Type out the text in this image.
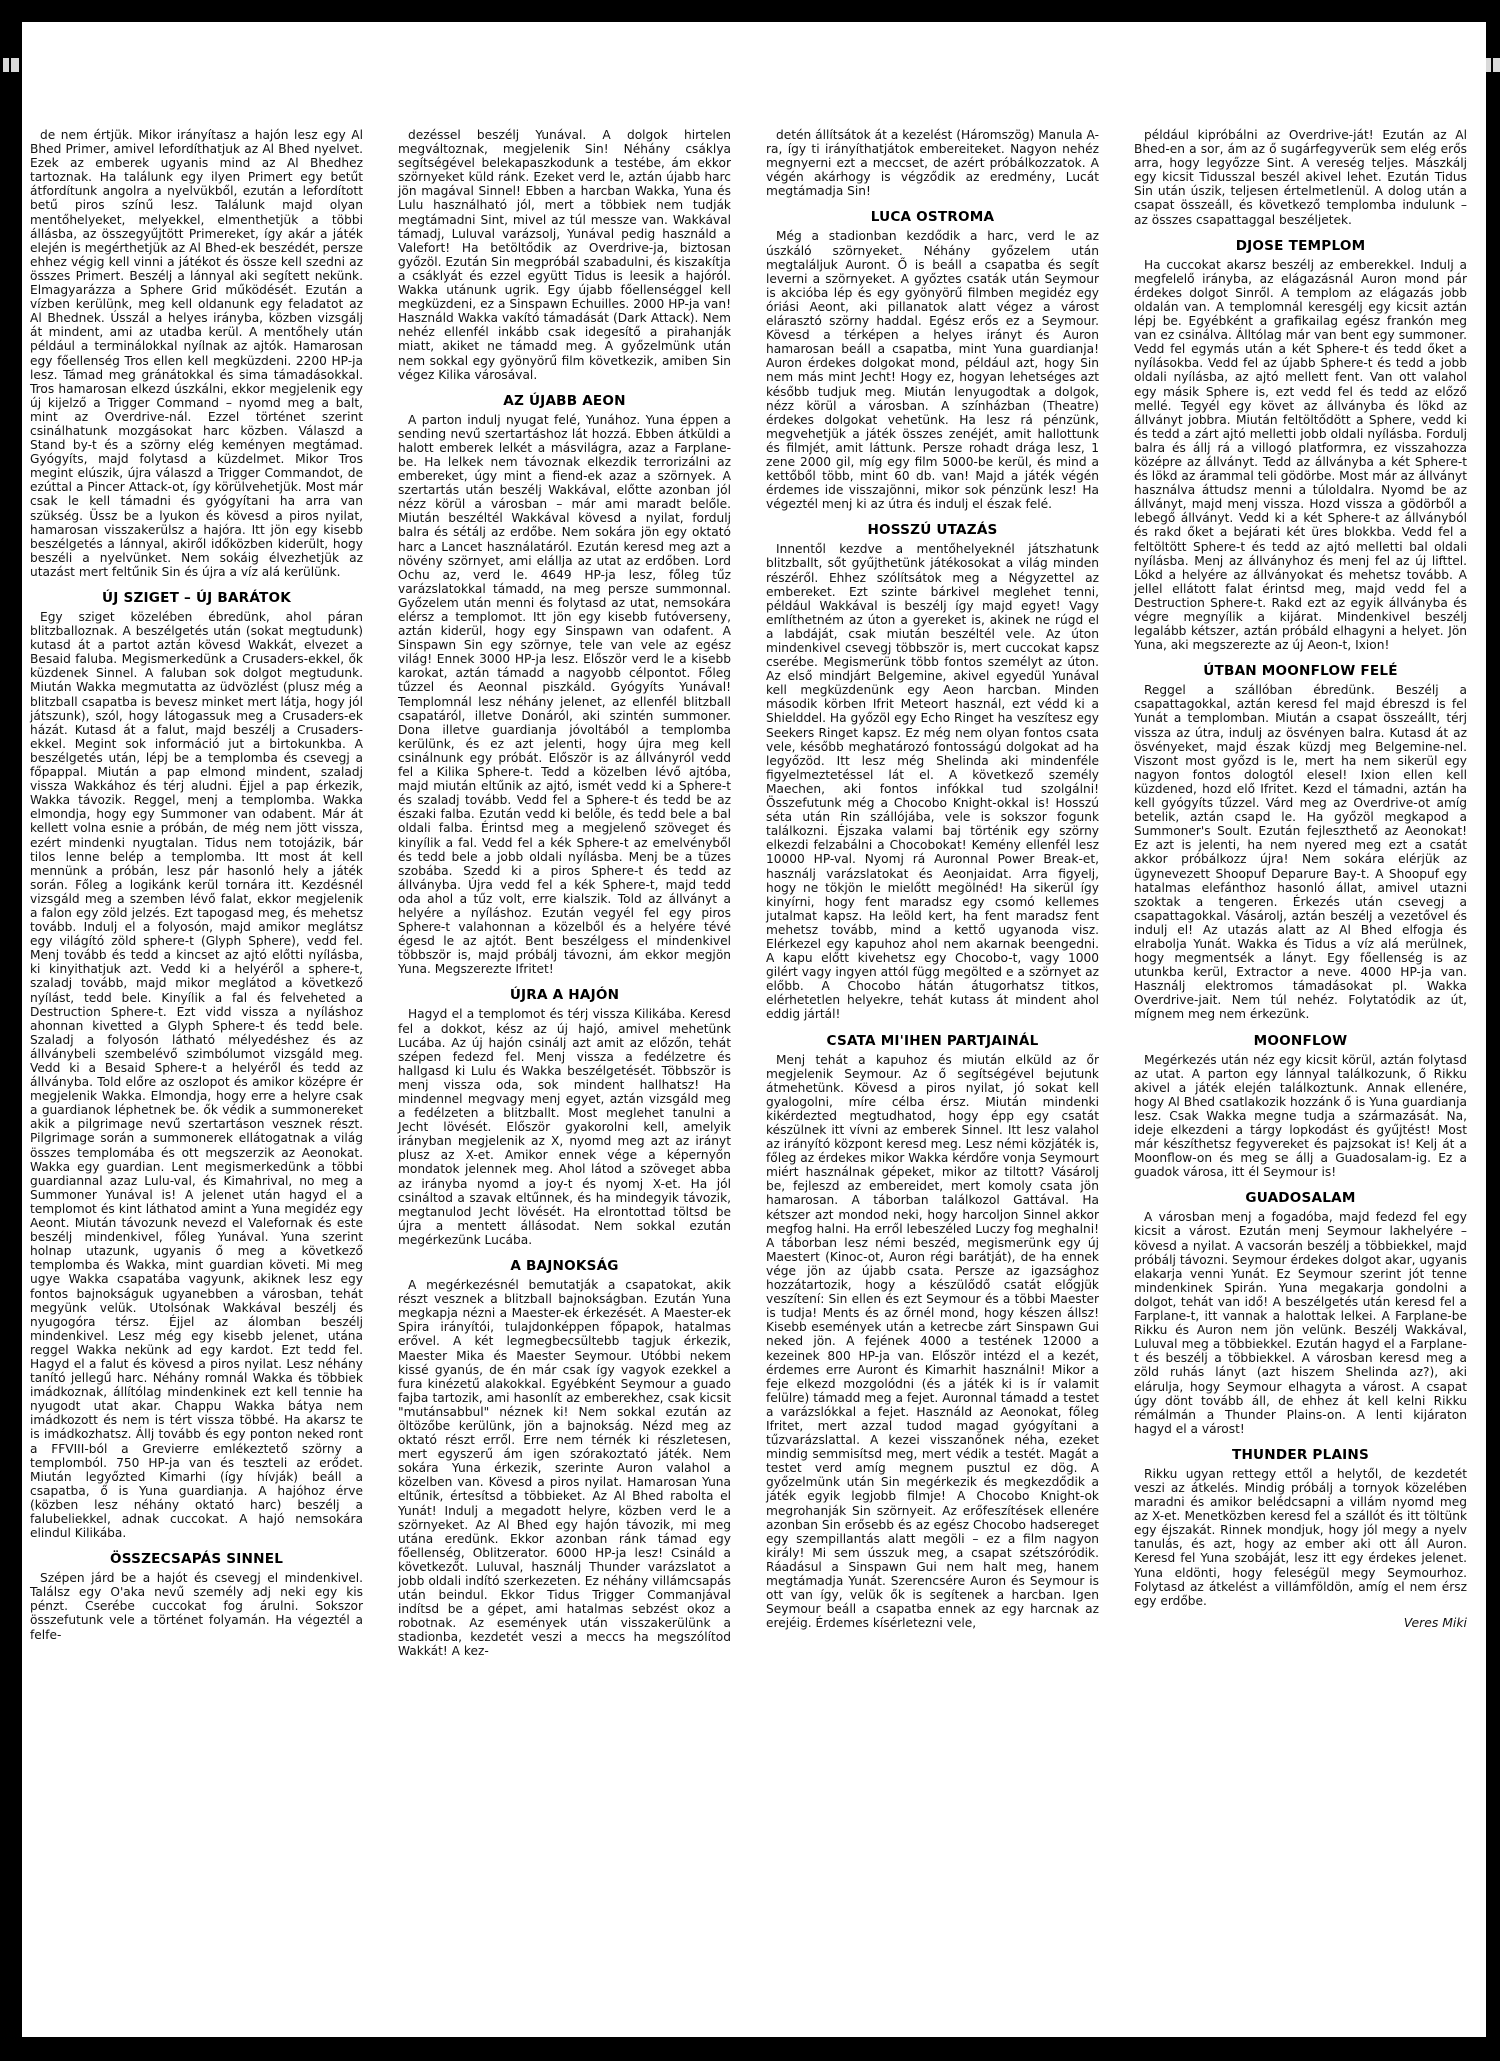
de nem értjük. Mikor irányítasz a hajón lesz egy Al Bhed Primer, amivel lefordíthatjuk az Al Bhed nyelvet. Ezek az emberek ugyanis mind az Al Bhedhez tartoznak. Ha találunk egy ilyen Primert egy betűt átfordítunk angolra a nyelvükből, ezután a lefordított betű piros színű lesz. Találunk majd olyan mentőhelyeket, melyekkel, elmenthetjük a többi állásba, az összegyűjtött Primereket, így akár a játék elején is megérthetjük az Al Bhed-ek beszédét, persze ehhez végig kell vinni a játékot és össze kell szedni az összes Primert. Beszélj a lánnyal aki segített nekünk. Elmagyarázza a Sphere Grid működését. Ezután a vízben kerülünk, meg kell oldanunk egy feladatot az Al Bhednek. Ússzál a helyes irányba, közben vizsgálj át mindent, ami az utadba kerül. A mentőhely után például a terminálokkal nyílnak az ajtók. Hamarosan egy főellenség Tros ellen kell megküzdeni. 2200 HP-ja lesz. Támad meg gránátokkal és sima támadásokkal. Tros hamarosan elkezd úszkálni, ekkor megjelenik egy új kijelző a Trigger Command – nyomd meg a balt, mint az Overdrive-nál. Ezzel történet szerint csinálhatunk mozgásokat harc közben. Válaszd a Stand by-t és a szörny elég keményen megtámad. Gyógyíts, majd folytasd a küzdelmet. Mikor Tros megint elúszik, újra válaszd a Trigger Commandot, de ezúttal a Pincer Attack-ot, így körülvehetjük. Most már csak le kell támadni és gyógyítani ha arra van szükség. Üssz be a lyukon és kövesd a piros nyilat, hamarosan visszakerülsz a hajóra. Itt jön egy kisebb beszélgetés a lánnyal, akiről időközben kiderült, hogy beszéli a nyelvünket. Nem sokáig élvezhetjük az utazást mert feltűnik Sin és újra a víz alá kerülünk.

ÚJ SZIGET – ÚJ BARÁTOK

Egy sziget közelében ébredünk, ahol páran blitzballoznak. A beszélgetés után (sokat megtudunk) kutasd át a partot aztán kövesd Wakkát, elvezet a Besaid faluba. Megismerkedünk a Crusaders-ekkel, ők küzdenek Sinnel. A faluban sok dolgot megtudunk. Miután Wakka megmutatta az üdvözlést (plusz még a blitzball csapatba is bevesz minket mert látja, hogy jól játszunk), szól, hogy látogassuk meg a Crusaders-ek házát. Kutasd át a falut, majd beszélj a Crusaders-ekkel. Megint sok információ jut a birtokunkba. A beszélgetés után, lépj be a templomba és csevegj a főpappal. Miután a pap elmond mindent, szaladj vissza Wakkához és térj aludni. Éjjel a pap érkezik, Wakka távozik. Reggel, menj a templomba. Wakka elmondja, hogy egy Summoner van odabent. Már át kellett volna esnie a próbán, de még nem jött vissza, ezért mindenki nyugtalan. Tidus nem totojázik, bár tilos lenne belép a templomba. Itt most át kell mennünk a próbán, lesz pár hasonló hely a játék során. Főleg a logikánk kerül tornára itt. Kezdésnél vizsgáld meg a szemben lévő falat, ekkor megjelenik a falon egy zöld jelzés. Ezt tapogasd meg, és mehetsz tovább. Indulj el a folyosón, majd amikor meglátsz egy világító zöld sphere-t (Glyph Sphere), vedd fel. Menj tovább és tedd a kincset az ajtó előtti nyílásba, ki kinyithatjuk azt. Vedd ki a helyéről a sphere-t, szaladj tovább, majd mikor meglátod a következő nyílást, tedd bele. Kinyílik a fal és felveheted a Destruction Sphere-t. Ezt vidd vissza a nyíláshoz ahonnan kivetted a Glyph Sphere-t és tedd bele. Szaladj a folyosón látható mélyedéshez és az állványbeli szembelévő szimbólumot vizsgáld meg. Vedd ki a Besaid Sphere-t a helyéről és tedd az állványba. Told előre az oszlopot és amikor középre ér megjelenik Wakka. Elmondja, hogy erre a helyre csak a guardianok léphetnek be. ők védik a summonereket akik a pilgrimage nevű szertartáson vesznek részt. Pilgrimage során a summonerek ellátogatnak a világ összes templomába és ott megszerzik az Aeonokat. Wakka egy guardian. Lent megismerkedünk a többi guardiannal azaz Lulu-val, és Kimahrival, no meg a Summoner Yunával is! A jelenet után hagyd el a templomot és kint láthatod amint a Yuna megidéz egy Aeont. Miután távozunk nevezd el Valefornak és este beszélj mindenkivel, főleg Yunával. Yuna szerint holnap utazunk, ugyanis ő meg a következő templomba és Wakka, mint guardian követi. Mi meg ugye Wakka csapatába vagyunk, akiknek lesz egy fontos bajnokságuk ugyanebben a városban, tehát megyünk velük. Utolsónak Wakkával beszélj és nyugogóra térsz. Éjjel az álomban beszélj mindenkivel. Lesz még egy kisebb jelenet, utána reggel Wakka nekünk ad egy kardot. Ezt tedd fel. Hagyd el a falut és kövesd a piros nyilat. Lesz néhány tanító jellegű harc. Néhány romnál Wakka és többiek imádkoznak, állítólag mindenkinek ezt kell tennie ha nyugodt utat akar. Chappu Wakka bátya nem imádkozott és nem is tért vissza többé. Ha akarsz te is imádkozhatsz. Állj tovább és egy ponton neked ront a FFVIII-ból a Grevierre emlékeztető szörny a templomból. 750 HP-ja van és teszteli az erődet. Miután legyőzted Kimarhi (így hívják) beáll a csapatba, ő is Yuna guardianja. A hajóhoz érve (közben lesz néhány oktató harc) beszélj a falubeliekkel, adnak cuccokat. A hajó nemsokára elindul Kilikába.

ÖSSZECSAPÁS SINNEL

Szépen járd be a hajót és csevegj el mindenkivel. Találsz egy O'aka nevű személy adj neki egy kis pénzt. Cserébe cuccokat fog árulni. Sokszor összefutunk vele a történet folyamán. Ha végeztél a felfe-

dezéssel beszélj Yunával. A dolgok hirtelen megváltoznak, megjelenik Sin! Néhány csáklya segítségével belekapaszkodunk a testébe, ám ekkor szörnyeket küld ránk. Ezeket verd le, aztán újabb harc jön magával Sinnel! Ebben a harcban Wakka, Yuna és Lulu használható jól, mert a többiek nem tudják megtámadni Sint, mivel az túl messze van. Wakkával támadj, Luluval varázsolj, Yunával pedig használd a Valefort! Ha betöltődik az Overdrive-ja, biztosan győzöl. Ezután Sin megpróbál szabadulni, és kiszakítja a csáklyát és ezzel együtt Tidus is leesik a hajóról. Wakka utánunk ugrik. Egy újabb főellenséggel kell megküzdeni, ez a Sinspawn Echuilles. 2000 HP-ja van! Használd Wakka vakító támadását (Dark Attack). Nem nehéz ellenfél inkább csak idegesítő a pirahanják miatt, akiket ne támadd meg. A győzelmünk után nem sokkal egy gyönyörű film következik, amiben Sin végez Kilika városával.

AZ ÚJABB AEON

A parton indulj nyugat felé, Yunához. Yuna éppen a sending nevű szertartáshoz lát hozzá. Ebben átküldi a halott emberek lelkét a másvilágra, azaz a Farplane-be. Ha lelkek nem távoznak elkezdik terrorizálni az embereket, úgy mint a fiend-ek azaz a szörnyek. A szertartás után beszélj Wakkával, előtte azonban jól nézz körül a városban – már ami maradt belőle. Miután beszéltél Wakkával kövesd a nyilat, fordulj balra és sétálj az erdőbe. Nem sokára jön egy oktató harc a Lancet használatáról. Ezután keresd meg azt a növény szörnyet, ami elállja az utat az erdőben. Lord Ochu az, verd le. 4649 HP-ja lesz, főleg tűz varázslatokkal támadd, na meg persze summonnal. Győzelem után menni és folytasd az utat, nemsokára elérsz a templomot. Itt jön egy kisebb futóverseny, aztán kiderül, hogy egy Sinspawn van odafent. A Sinspawn Sin egy szörnye, tele van vele az egész világ! Ennek 3000 HP-ja lesz. Először verd le a kisebb karokat, aztán támadd a nagyobb célpontot. Főleg tűzzel és Aeonnal piszkáld. Gyógyíts Yunával! Templomnál lesz néhány jelenet, az ellenfél blitzball csapatáról, illetve Donáról, aki szintén summoner. Dona illetve guardianja jóvoltából a templomba kerülünk, és ez azt jelenti, hogy újra meg kell csinálnunk egy próbát. Először is az állványról vedd fel a Kilika Sphere-t. Tedd a közelben lévő ajtóba, majd miután eltűnik az ajtó, ismét vedd ki a Sphere-t és szaladj tovább. Vedd fel a Sphere-t és tedd be az északi falba. Ezután vedd ki belőle, és tedd bele a bal oldali falba. Érintsd meg a megjelenő szöveget és kinyílik a fal. Vedd fel a kék Sphere-t az emelvényből és tedd bele a jobb oldali nyílásba. Menj be a tüzes szobába. Szedd ki a piros Sphere-t és tedd az állványba. Újra vedd fel a kék Sphere-t, majd tedd oda ahol a tűz volt, erre kialszik. Told az állványt a helyére a nyíláshoz. Ezután vegyél fel egy piros Sphere-t valahonnan a közelből és a helyére tévé égesd le az ajtót. Bent beszélgess el mindenkivel többször is, majd próbálj távozni, ám ekkor megjön Yuna. Megszerezte Ifritet!

ÚJRA A HAJÓN

Hagyd el a templomot és térj vissza Kilikába. Keresd fel a dokkot, kész az új hajó, amivel mehetünk Lucába. Az új hajón csinálj azt amit az előzőn, tehát szépen fedezd fel. Menj vissza a fedélzetre és hallgasd ki Lulu és Wakka beszélgetését. Többször is menj vissza oda, sok mindent hallhatsz! Ha mindennel megvagy menj egyet, aztán vizsgáld meg a fedélzeten a blitzballt. Most meglehet tanulni a Jecht lövését. Először gyakorolni kell, amelyik irányban megjelenik az X, nyomd meg azt az irányt plusz az X-et. Amikor ennek vége a képernyőn mondatok jelennek meg. Ahol látod a szöveget abba az irányba nyomd a joy-t és nyomj X-et. Ha jól csináltod a szavak eltűnnek, és ha mindegyik távozik, megtanulod Jecht lövését. Ha elrontottad töltsd be újra a mentett állásodat. Nem sokkal ezután megérkezünk Lucába.

A BAJNOKSÁG

A megérkezésnél bemutatják a csapatokat, akik részt vesznek a blitzball bajnokságban. Ezután Yuna megkapja nézni a Maester-ek érkezését. A Maester-ek Spira irányítói, tulajdonképpen főpapok, hatalmas erővel. A két legmegbecsültebb tagjuk érkezik, Maester Mika és Maester Seymour. Utóbbi nekem kissé gyanús, de én már csak így vagyok ezekkel a fura kinézetű alakokkal. Egyébként Seymour a guado fajba tartozik, ami hasonlít az emberekhez, csak kicsit "mutánsabbul" néznek ki! Nem sokkal ezután az öltözőbe kerülünk, jön a bajnokság. Nézd meg az oktató részt erről. Erre nem térnék ki részletesen, mert egyszerű ám igen szórakoztató játék. Nem sokára Yuna érkezik, szerinte Auron valahol a közelben van. Kövesd a piros nyilat. Hamarosan Yuna eltűnik, értesítsd a többieket. Az Al Bhed rabolta el Yunát! Indulj a megadott helyre, közben verd le a szörnyeket. Az Al Bhed egy hajón távozik, mi meg utána eredünk. Ekkor azonban ránk támad egy főellenség, Oblitzerator. 6000 HP-ja lesz! Csináld a következőt. Luluval, használj Thunder varázslatot a jobb oldali indító szerkezeten. Ez néhány villámcsapás után beindul. Ekkor Tidus Trigger Commanjával indítsd be a gépet, ami hatalmas sebzést okoz a robotnak. Az események után visszakerülünk a stadionba, kezdetét veszi a meccs ha megszólítod Wakkát! A kez-

detén állítsátok át a kezelést (Háromszög) Manula A-ra, így ti irányíthatjátok embereiteket. Nagyon nehéz megnyerni ezt a meccset, de azért próbálkozzatok. A végén akárhogy is végződik az eredmény, Lucát megtámadja Sin!

LUCA OSTROMA

Még a stadionban kezdődik a harc, verd le az úszkáló szörnyeket. Néhány győzelem után megtaláljuk Auront. Ő is beáll a csapatba és segít leverni a szörnyeket. A győztes csaták után Seymour is akcióba lép és egy gyönyörű filmben megidéz egy óriási Aeont, aki pillanatok alatt végez a várost elárasztó szörny haddal. Egész erős ez a Seymour. Kövesd a térképen a helyes irányt és Auron hamarosan beáll a csapatba, mint Yuna guardianja! Auron érdekes dolgokat mond, például azt, hogy Sin nem más mint Jecht! Hogy ez, hogyan lehetséges azt később tudjuk meg. Miután lenyugodtak a dolgok, nézz körül a városban. A színházban (Theatre) érdekes dolgokat vehetünk. Ha lesz rá pénzünk, megvehetjük a játék összes zenéjét, amit hallottunk és filmjét, amit láttunk. Persze rohadt drága lesz, 1 zene 2000 gil, míg egy film 5000-be kerül, és mind a kettőből több, mint 60 db. van! Majd a játék végén érdemes ide visszajönni, mikor sok pénzünk lesz! Ha végeztél menj ki az útra és indulj el észak felé.

HOSSZÚ UTAZÁS

Innentől kezdve a mentőhelyeknél játszhatunk blitzballt, sőt gyűjthetünk játékosokat a világ minden részéről. Ehhez szólítsátok meg a Négyzettel az embereket. Ezt szinte bárkivel meglehet tenni, például Wakkával is beszélj így majd egyet! Vagy említhetném az úton a gyereket is, akinek ne rúgd el a labdáját, csak miután beszéltél vele. Az úton mindenkivel csevegj többször is, mert cuccokat kapsz cserébe. Megismerünk több fontos személyt az úton. Az első mindjárt Belgemine, akivel egyedül Yunával kell megküzdenünk egy Aeon harcban. Minden második körben Ifrit Meteort használ, ezt védd ki a Shielddel. Ha győzöl egy Echo Ringet ha veszítesz egy Seekers Ringet kapsz. Ez még nem olyan fontos csata vele, később meghatározó fontosságú dolgokat ad ha legyőzöd. Itt lesz még Shelinda aki mindenféle figyelmeztetéssel lát el. A következő személy Maechen, aki fontos infókkal tud szolgálni! Összefutunk még a Chocobo Knight-okkal is! Hosszú séta után Rin szállójába, vele is sokszor fogunk találkozni. Éjszaka valami baj történik egy szörny elkezdi felzabálni a Chocobokat! Kemény ellenfél lesz 10000 HP-val. Nyomj rá Auronnal Power Break-et, használj varázslatokat és Aeonjaidat. Arra figyelj, hogy ne tökjön le mielőtt megölnéd! Ha sikerül így kinyírni, hogy fent maradsz egy csomó kellemes jutalmat kapsz. Ha leöld kert, ha fent maradsz fent mehetsz tovább, mind a kettő ugyanoda visz. Elérkezel egy kapuhoz ahol nem akarnak beengedni. A kapu előtt kivehetsz egy Chocobo-t, vagy 1000 gilért vagy ingyen attól függ megölted e a szörnyet az előbb. A Chocobo hátán átugorhatsz titkos, elérhetetlen helyekre, tehát kutass át mindent ahol eddig jártál!

CSATA MI'IHEN PARTJAINÁL

Menj tehát a kapuhoz és miután elküld az őr megjelenik Seymour. Az ő segítségével bejutunk átmehetünk. Kövesd a piros nyilat, jó sokat kell gyalogolni, míre célba érsz. Miután mindenki kikérdezted megtudhatod, hogy épp egy csatát készülnek itt vívni az emberek Sinnel. Itt lesz valahol az irányító központ keresd meg. Lesz némi közjáték is, főleg az érdekes mikor Wakka kérdőre vonja Seymourt miért használnak gépeket, mikor az tiltott? Vásárolj be, fejleszd az embereidet, mert komoly csata jön hamarosan. A táborban találkozol Gattával. Ha kétszer azt mondod neki, hogy harcoljon Sinnel akkor megfog halni. Ha erről lebeszéled Luczy fog meghalni! A táborban lesz némi beszéd, megismerünk egy új Maestert (Kinoc-ot, Auron régi barátját), de ha ennek vége jön az újabb csata. Persze az igazsághoz hozzátartozik, hogy a készülődő csatát előgjük veszítení: Sin ellen és ezt Seymour és a többi Maester is tudja! Ments és az őrnél mond, hogy készen állsz! Kisebb események után a ketrecbe zárt Sinspawn Gui neked jön. A fejének 4000 a testének 12000 a kezeinek 800 HP-ja van. Először intézd el a kezét, érdemes erre Auront és Kimarhit használni! Mikor a feje elkezd mozgolódni (és a játék ki is ír valamit felülre) támadd meg a fejet. Auronnal támadd a testet a varázslókkal a fejet. Használd az Aeonokat, főleg Ifritet, mert azzal tudod magad gyógyítani a tűzvarázslattal. A kezei visszanőnek néha, ezeket mindig semmisítsd meg, mert védik a testét. Magát a testet verd amíg megnem pusztul ez dög. A győzelmünk után Sin megérkezik és megkezdődik a játék egyik legjobb filmje! A Chocobo Knight-ok megrohanják Sin szörnyeit. Az erőfeszítések ellenére azonban Sin erősebb és az egész Chocobo hadsereget egy szempillantás alatt megöli – ez a film nagyon király! Mi sem ússzuk meg, a csapat szétszóródik. Ráadásul a Sinspawn Gui nem halt meg, hanem megtámadja Yunát. Szerencsére Auron és Seymour is ott van így, velük ők is segítenek a harcban. Igen Seymour beáll a csapatba ennek az egy harcnak az erejéig. Érdemes kísérletezni vele,

például kipróbálni az Overdrive-ját! Ezután az Al Bhed-en a sor, ám az ő sugárfegyverük sem elég erős arra, hogy legyőzze Sint. A vereség teljes. Mászkálj egy kicsit Tidusszal beszél akivel lehet. Ezután Tidus Sin után úszik, teljesen értelmetlenül. A dolog után a csapat összeáll, és következő templomba indulunk – az összes csapattaggal beszéljetek.

DJOSE TEMPLOM

Ha cuccokat akarsz beszélj az emberekkel. Indulj a megfelelő irányba, az elágazásnál Auron mond pár érdekes dolgot Sinről. A templom az elágazás jobb oldalán van. A templomnál keresgélj egy kicsit aztán lépj be. Egyébként a grafikailag egész frankón meg van ez csinálva. Álltólag már van bent egy summoner. Vedd fel egymás után a két Sphere-t és tedd őket a nyílásokba. Vedd fel az újabb Sphere-t és tedd a jobb oldali nyílásba, az ajtó mellett fent. Van ott valahol egy másik Sphere is, ezt vedd fel és tedd az előző mellé. Tegyél egy követ az állványba és lökd az állványt jobbra. Miután feltöltődött a Sphere, vedd ki és tedd a zárt ajtó melletti jobb oldali nyílásba. Fordulj balra és állj rá a villogó platformra, ez visszahozza középre az állványt. Tedd az állványba a két Sphere-t és lökd az árammal teli gödörbe. Most már az állványt használva áttudsz menni a túloldalra. Nyomd be az állványt, majd menj vissza. Hozd vissza a gödörből a lebegő állványt. Vedd ki a két Sphere-t az állványból és rakd őket a bejárati két üres blokkba. Vedd fel a feltöltött Sphere-t és tedd az ajtó melletti bal oldali nyílásba. Menj az állványhoz és menj fel az új lifttel. Lökd a helyére az állványokat és mehetsz tovább. A jellel ellátott falat érintsd meg, majd vedd fel a Destruction Sphere-t. Rakd ezt az egyik állványba és végre megnyílik a kijárat. Mindenkivel beszélj legalább kétszer, aztán próbáld elhagyni a helyet. Jön Yuna, aki megszerezte az új Aeon-t, Ixion!

ÚTBAN MOONFLOW FELÉ

Reggel a szállóban ébredünk. Beszélj a csapattagokkal, aztán keresd fel majd ébreszd is fel Yunát a templomban. Miután a csapat összeállt, térj vissza az útra, indulj az ösvényen balra. Kutasd át az ösvényeket, majd észak küzdj meg Belgemine-nel. Viszont most győzd is le, mert ha nem sikerül egy nagyon fontos dologtól elesel! Ixion ellen kell küzdened, hozd elő Ifritet. Kezd el támadni, aztán ha kell gyógyíts tűzzel. Várd meg az Overdrive-ot amíg betelik, aztán csapd le. Ha győzöl megkapod a Summoner's Soult. Ezután fejleszthető az Aeonokat! Ez azt is jelenti, ha nem nyered meg ezt a csatát akkor próbálkozz újra! Nem sokára elérjük az ügynevezett Shoopuf Deparure Bay-t. A Shoopuf egy hatalmas elefánthoz hasonló állat, amivel utazni szoktak a tengeren. Érkezés után csevegj a csapattagokkal. Vásárolj, aztán beszélj a vezetővel és indulj el! Az utazás alatt az Al Bhed elfogja és elrabolja Yunát. Wakka és Tidus a víz alá merülnek, hogy megmentsék a lányt. Egy főellenség is az utunkba kerül, Extractor a neve. 4000 HP-ja van. Használj elektromos támadásokat pl. Wakka Overdrive-jait. Nem túl nehéz. Folytatódik az út, mígnem meg nem érkezünk.

MOONFLOW

Megérkezés után néz egy kicsit körül, aztán folytasd az utat. A parton egy lánnyal találkozunk, ő Rikku akivel a játék elején találkoztunk. Annak ellenére, hogy Al Bhed csatlakozik hozzánk ő is Yuna guardianja lesz. Csak Wakka megne tudja a származását. Na, ideje elkezdeni a tárgy lopkodást és gyűjtést! Most már készíthetsz fegyvereket és pajzsokat is! Kelj át a Moonflow-on és meg se állj a Guadosalam-ig. Ez a guadok városa, itt él Seymour is!

GUADOSALAM

A városban menj a fogadóba, majd fedezd fel egy kicsit a várost. Ezután menj Seymour lakhelyére – kövesd a nyilat. A vacsorán beszélj a többiekkel, majd próbálj távozni. Seymour érdekes dolgot akar, ugyanis elakarja venni Yunát. Ez Seymour szerint jót tenne mindenkinek Spirán. Yuna megakarja gondolni a dolgot, tehát van idő! A beszélgetés után keresd fel a Farplane-t, itt vannak a halottak lelkei. A Farplane-be Rikku és Auron nem jön velünk. Beszélj Wakkával, Luluval meg a többiekkel. Ezután hagyd el a Farplane-t és beszélj a többiekkel. A városban keresd meg a zöld ruhás lányt (azt hiszem Shelinda az?), aki elárulja, hogy Seymour elhagyta a várost. A csapat úgy dönt tovább áll, de ehhez át kell kelni Rikku rémálmán a Thunder Plains-on. A lenti kijáraton hagyd el a várost!

THUNDER PLAINS

Rikku ugyan rettegy ettől a helytől, de kezdetét veszi az átkelés. Mindig próbálj a tornyok közelében maradni és amikor belédcsapni a villám nyomd meg az X-et. Menetközben keresd fel a szállót és itt töltünk egy éjszakát. Rinnek mondjuk, hogy jól megy a nyelv tanulás, és azt, hogy az ember aki ott áll Auron. Keresd fel Yuna szobáját, lesz itt egy érdekes jelenet. Yuna eldönti, hogy feleségül megy Seymourhoz. Folytasd az átkelést a villámföldön, amíg el nem érsz egy erdőbe.

Veres Miki
